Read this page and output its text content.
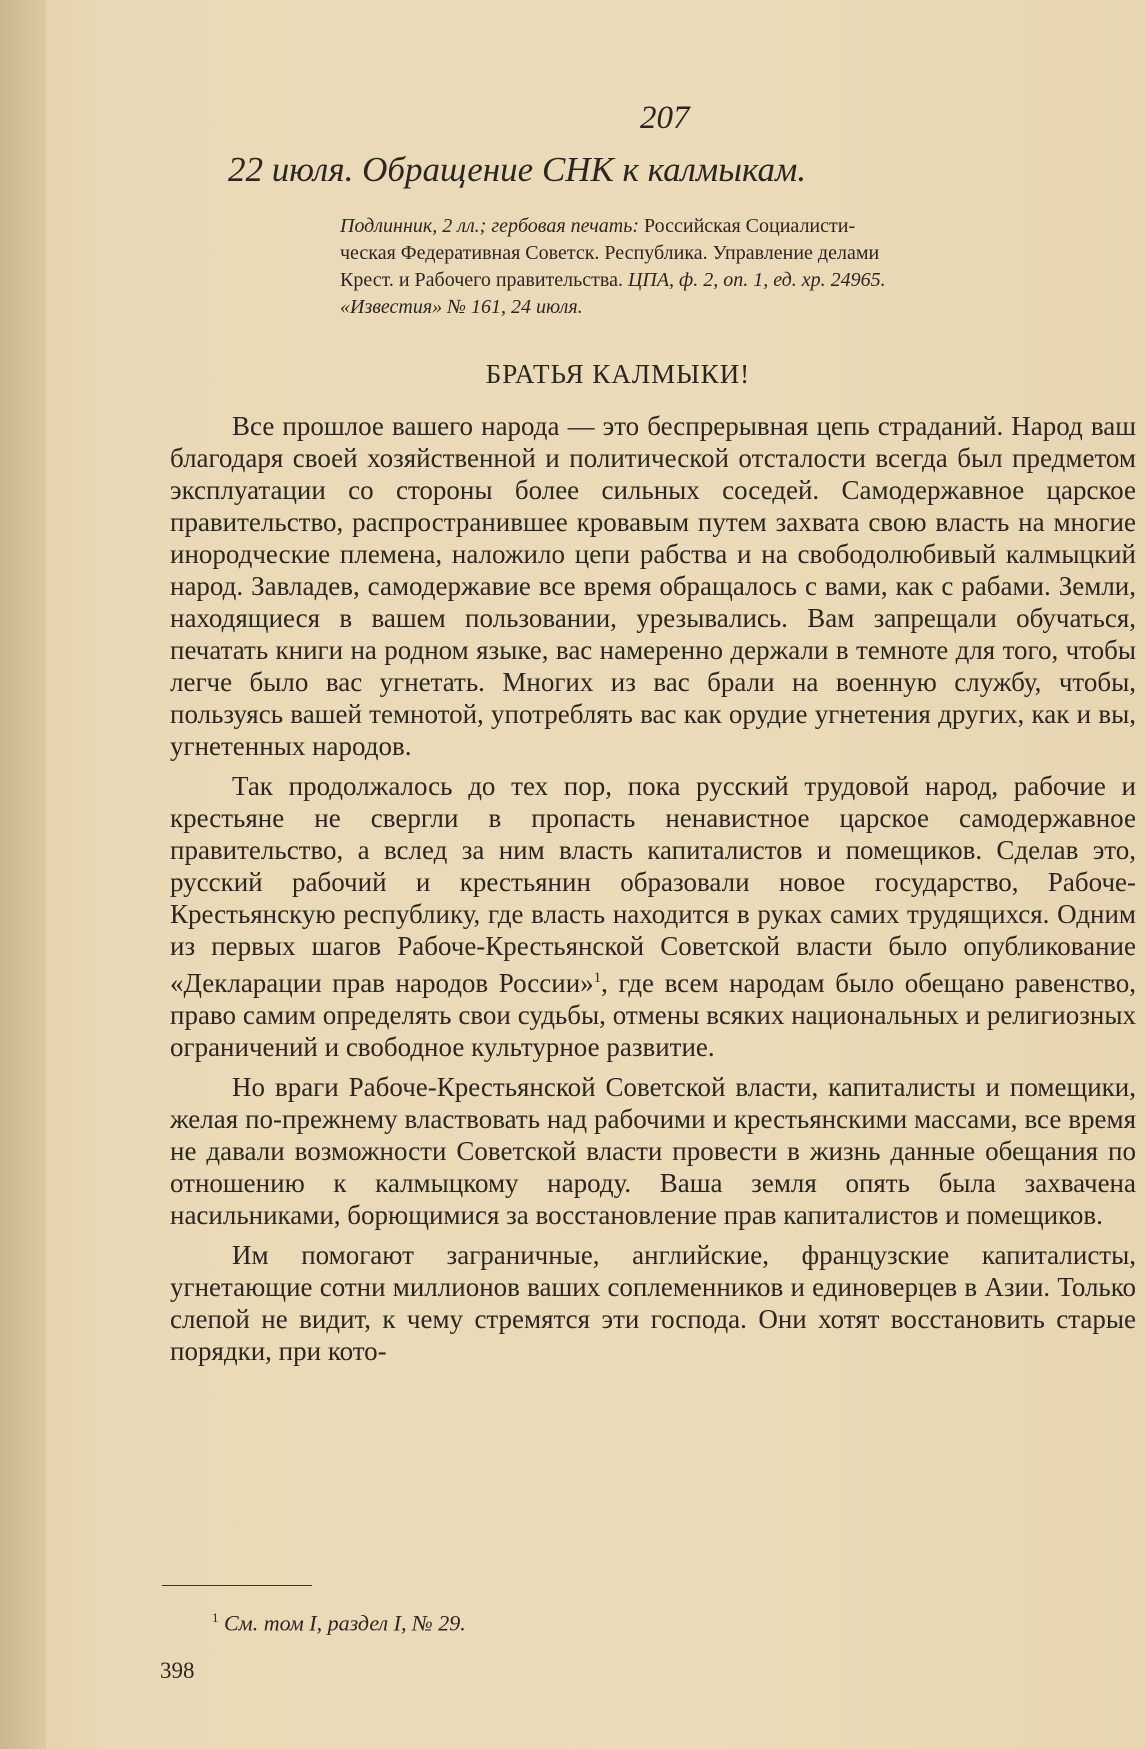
207
22 июля. Обращение СНК к калмыкам.
Подлинник, 2 лл.; гербовая печать: Российская Социалисти-
ческая Федеративная Советск. Республика. Управление делами
Крест. и Рабочего правительства. ЦПА, ф. 2, оп. 1, ед. хр. 24965.
«Известия» № 161, 24 июля.
БРАТЬЯ КАЛМЫКИ!

Все прошлое вашего народа — это беспрерывная цепь страданий. Народ ваш благодаря своей хозяйственной и политической отсталости всегда был предметом эксплуатации со стороны более сильных соседей. Самодержавное царское правительство, распространившее кровавым путем захвата свою власть на многие инородческие племена, наложило цепи рабства и на свободолюбивый калмыцкий народ. Завладев, самодержавие все время обращалось с вами, как с рабами. Земли, находящиеся в вашем пользовании, урезывались. Вам запрещали обучаться, печатать книги на родном языке, вас намеренно держали в темноте для того, чтобы легче было вас угнетать. Многих из вас брали на военную службу, чтобы, пользуясь вашей темнотой, употреблять вас как орудие угнетения других, как и вы, угнетенных народов.

Так продолжалось до тех пор, пока русский трудовой народ, рабочие и крестьяне не свергли в пропасть ненавистное царское самодержавное правительство, а вслед за ним власть капиталистов и помещиков. Сделав это, русский рабочий и крестьянин образовали новое государство, Рабоче-Крестьянскую республику, где власть находится в руках самих трудящихся. Одним из первых шагов Рабоче-Крестьянской Советской власти было опубликование «Декларации прав народов России»$^1$, где всем народам было обещано равенство, право самим определять свои судьбы, отмены всяких национальных и религиозных ограничений и свободное культурное развитие.

Но враги Рабоче-Крестьянской Советской власти, капиталисты и помещики, желая по-прежнему властвовать над рабочими и крестьянскими массами, все время не давали возможности Советской власти провести в жизнь данные обещания по отношению к калмыцкому народу. Ваша земля опять была захвачена насильниками, борющимися за восстановление прав капиталистов и помещиков.

Им помогают заграничные, английские, французские капиталисты, угнетающие сотни миллионов ваших соплеменников и единоверцев в Азии. Только слепой не видит, к чему стремятся эти господа. Они хотят восстановить старые порядки, при кото-

$^1$ См. том I, раздел I, № 29.
398
